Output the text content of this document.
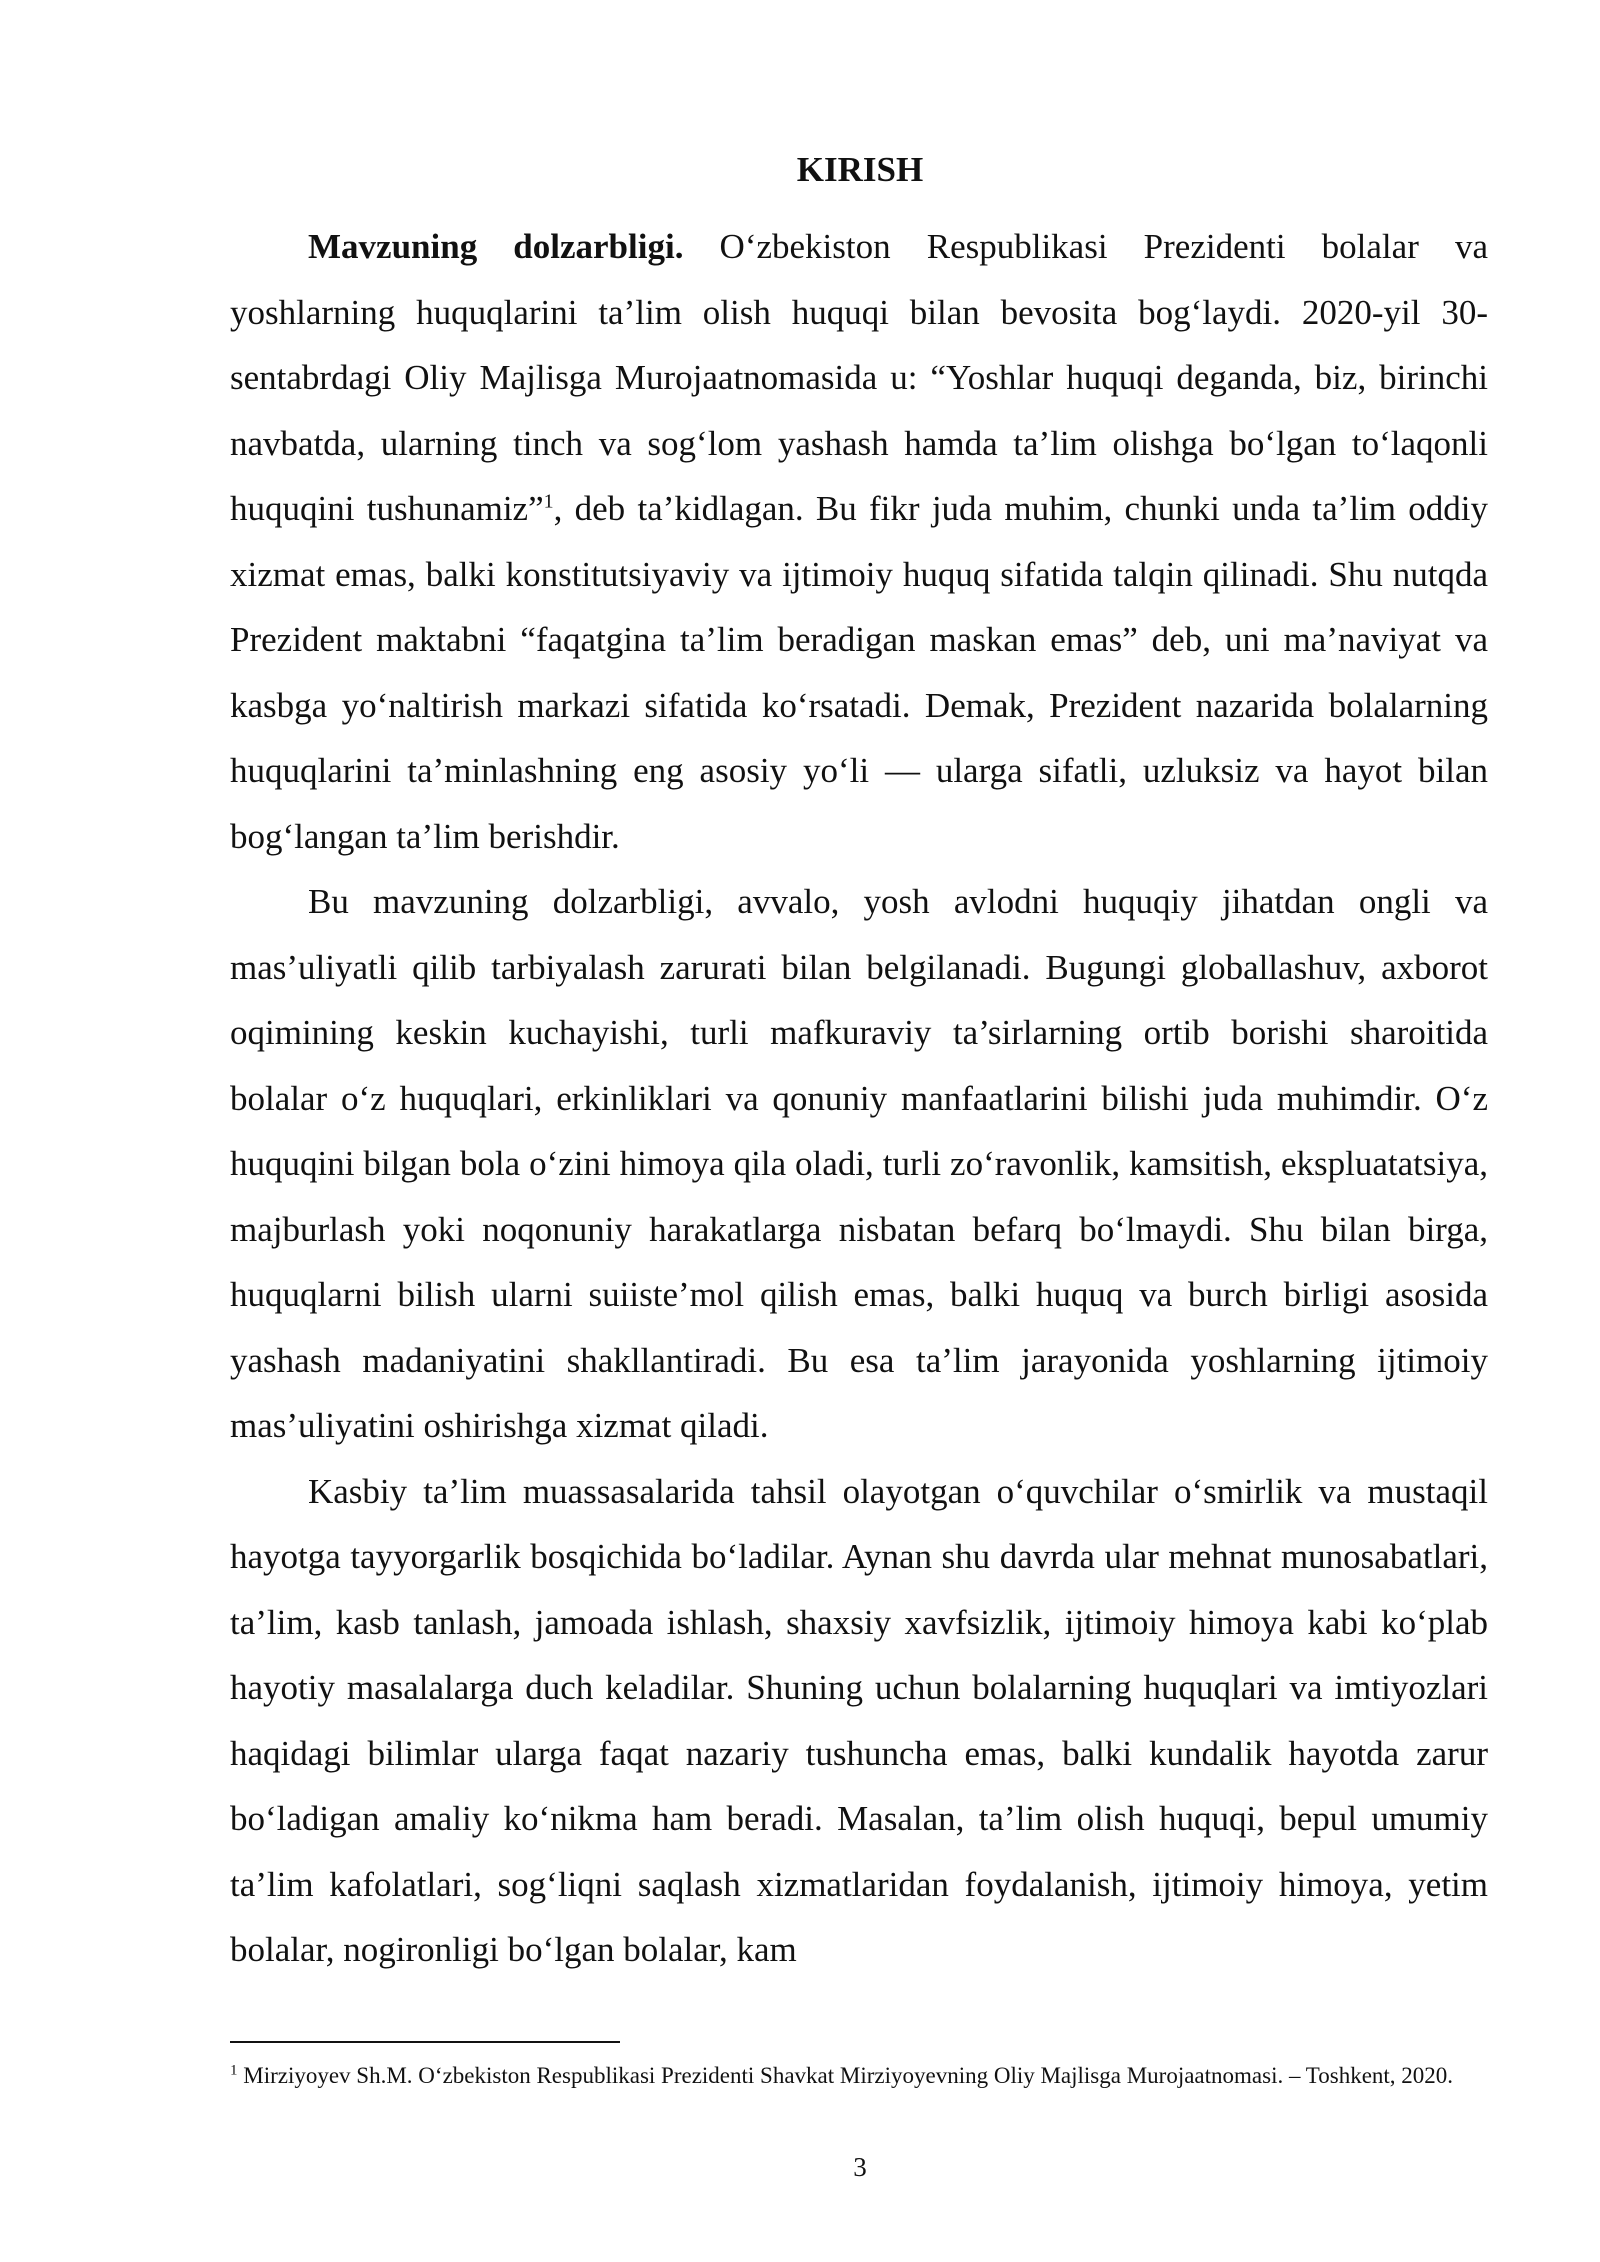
KIRISH

Mavzuning dolzarbligi. O‘zbekiston Respublikasi Prezidenti bolalar va yoshlarning huquqlarini ta’lim olish huquqi bilan bevosita bog‘laydi. 2020-yil 30-sentabrdagi Oliy Majlisga Murojaatnomasida u: “Yoshlar huquqi deganda, biz, birinchi navbatda, ularning tinch va sog‘lom yashash hamda ta’lim olishga bo‘lgan to‘laqonli huquqini tushunamiz”$^1$, deb ta’kidlagan. Bu fikr juda muhim, chunki unda ta’lim oddiy xizmat emas, balki konstitutsiyaviy va ijtimoiy huquq sifatida talqin qilinadi. Shu nutqda Prezident maktabni “faqatgina ta’lim beradigan maskan emas” deb, uni ma’naviyat va kasbga yo‘naltirish markazi sifatida ko‘rsatadi. Demak, Prezident nazarida bolalarning huquqlarini ta’minlashning eng asosiy yo‘li — ularga sifatli, uzluksiz va hayot bilan bog‘langan ta’lim berishdir.

Bu mavzuning dolzarbligi, avvalo, yosh avlodni huquqiy jihatdan ongli va mas’uliyatli qilib tarbiyalash zarurati bilan belgilanadi. Bugungi globallashuv, axborot oqimining keskin kuchayishi, turli mafkuraviy ta’sirlarning ortib borishi sharoitida bolalar o‘z huquqlari, erkinliklari va qonuniy manfaatlarini bilishi juda muhimdir. O‘z huquqini bilgan bola o‘zini himoya qila oladi, turli zo‘ravonlik, kamsitish, ekspluatatsiya, majburlash yoki noqonuniy harakatlarga nisbatan befarq bo‘lmaydi. Shu bilan birga, huquqlarni bilish ularni suiiste’mol qilish emas, balki huquq va burch birligi asosida yashash madaniyatini shakllantiradi. Bu esa ta’lim jarayonida yoshlarning ijtimoiy mas’uliyatini oshirishga xizmat qiladi.

Kasbiy ta’lim muassasalarida tahsil olayotgan o‘quvchilar o‘smirlik va mustaqil hayotga tayyorgarlik bosqichida bo‘ladilar. Aynan shu davrda ular mehnat munosabatlari, ta’lim, kasb tanlash, jamoada ishlash, shaxsiy xavfsizlik, ijtimoiy himoya kabi ko‘plab hayotiy masalalarga duch keladilar. Shuning uchun bolalarning huquqlari va imtiyozlari haqidagi bilimlar ularga faqat nazariy tushuncha emas, balki kundalik hayotda zarur bo‘ladigan amaliy ko‘nikma ham beradi. Masalan, ta’lim olish huquqi, bepul umumiy ta’lim kafolatlari, sog‘liqni saqlash xizmatlaridan foydalanish, ijtimoiy himoya, yetim bolalar, nogironligi bo‘lgan bolalar, kam

$^1$ Mirziyoyev Sh.M. O‘zbekiston Respublikasi Prezidenti Shavkat Mirziyoyevning Oliy Majlisga Murojaatnomasi. – Toshkent, 2020.
3
